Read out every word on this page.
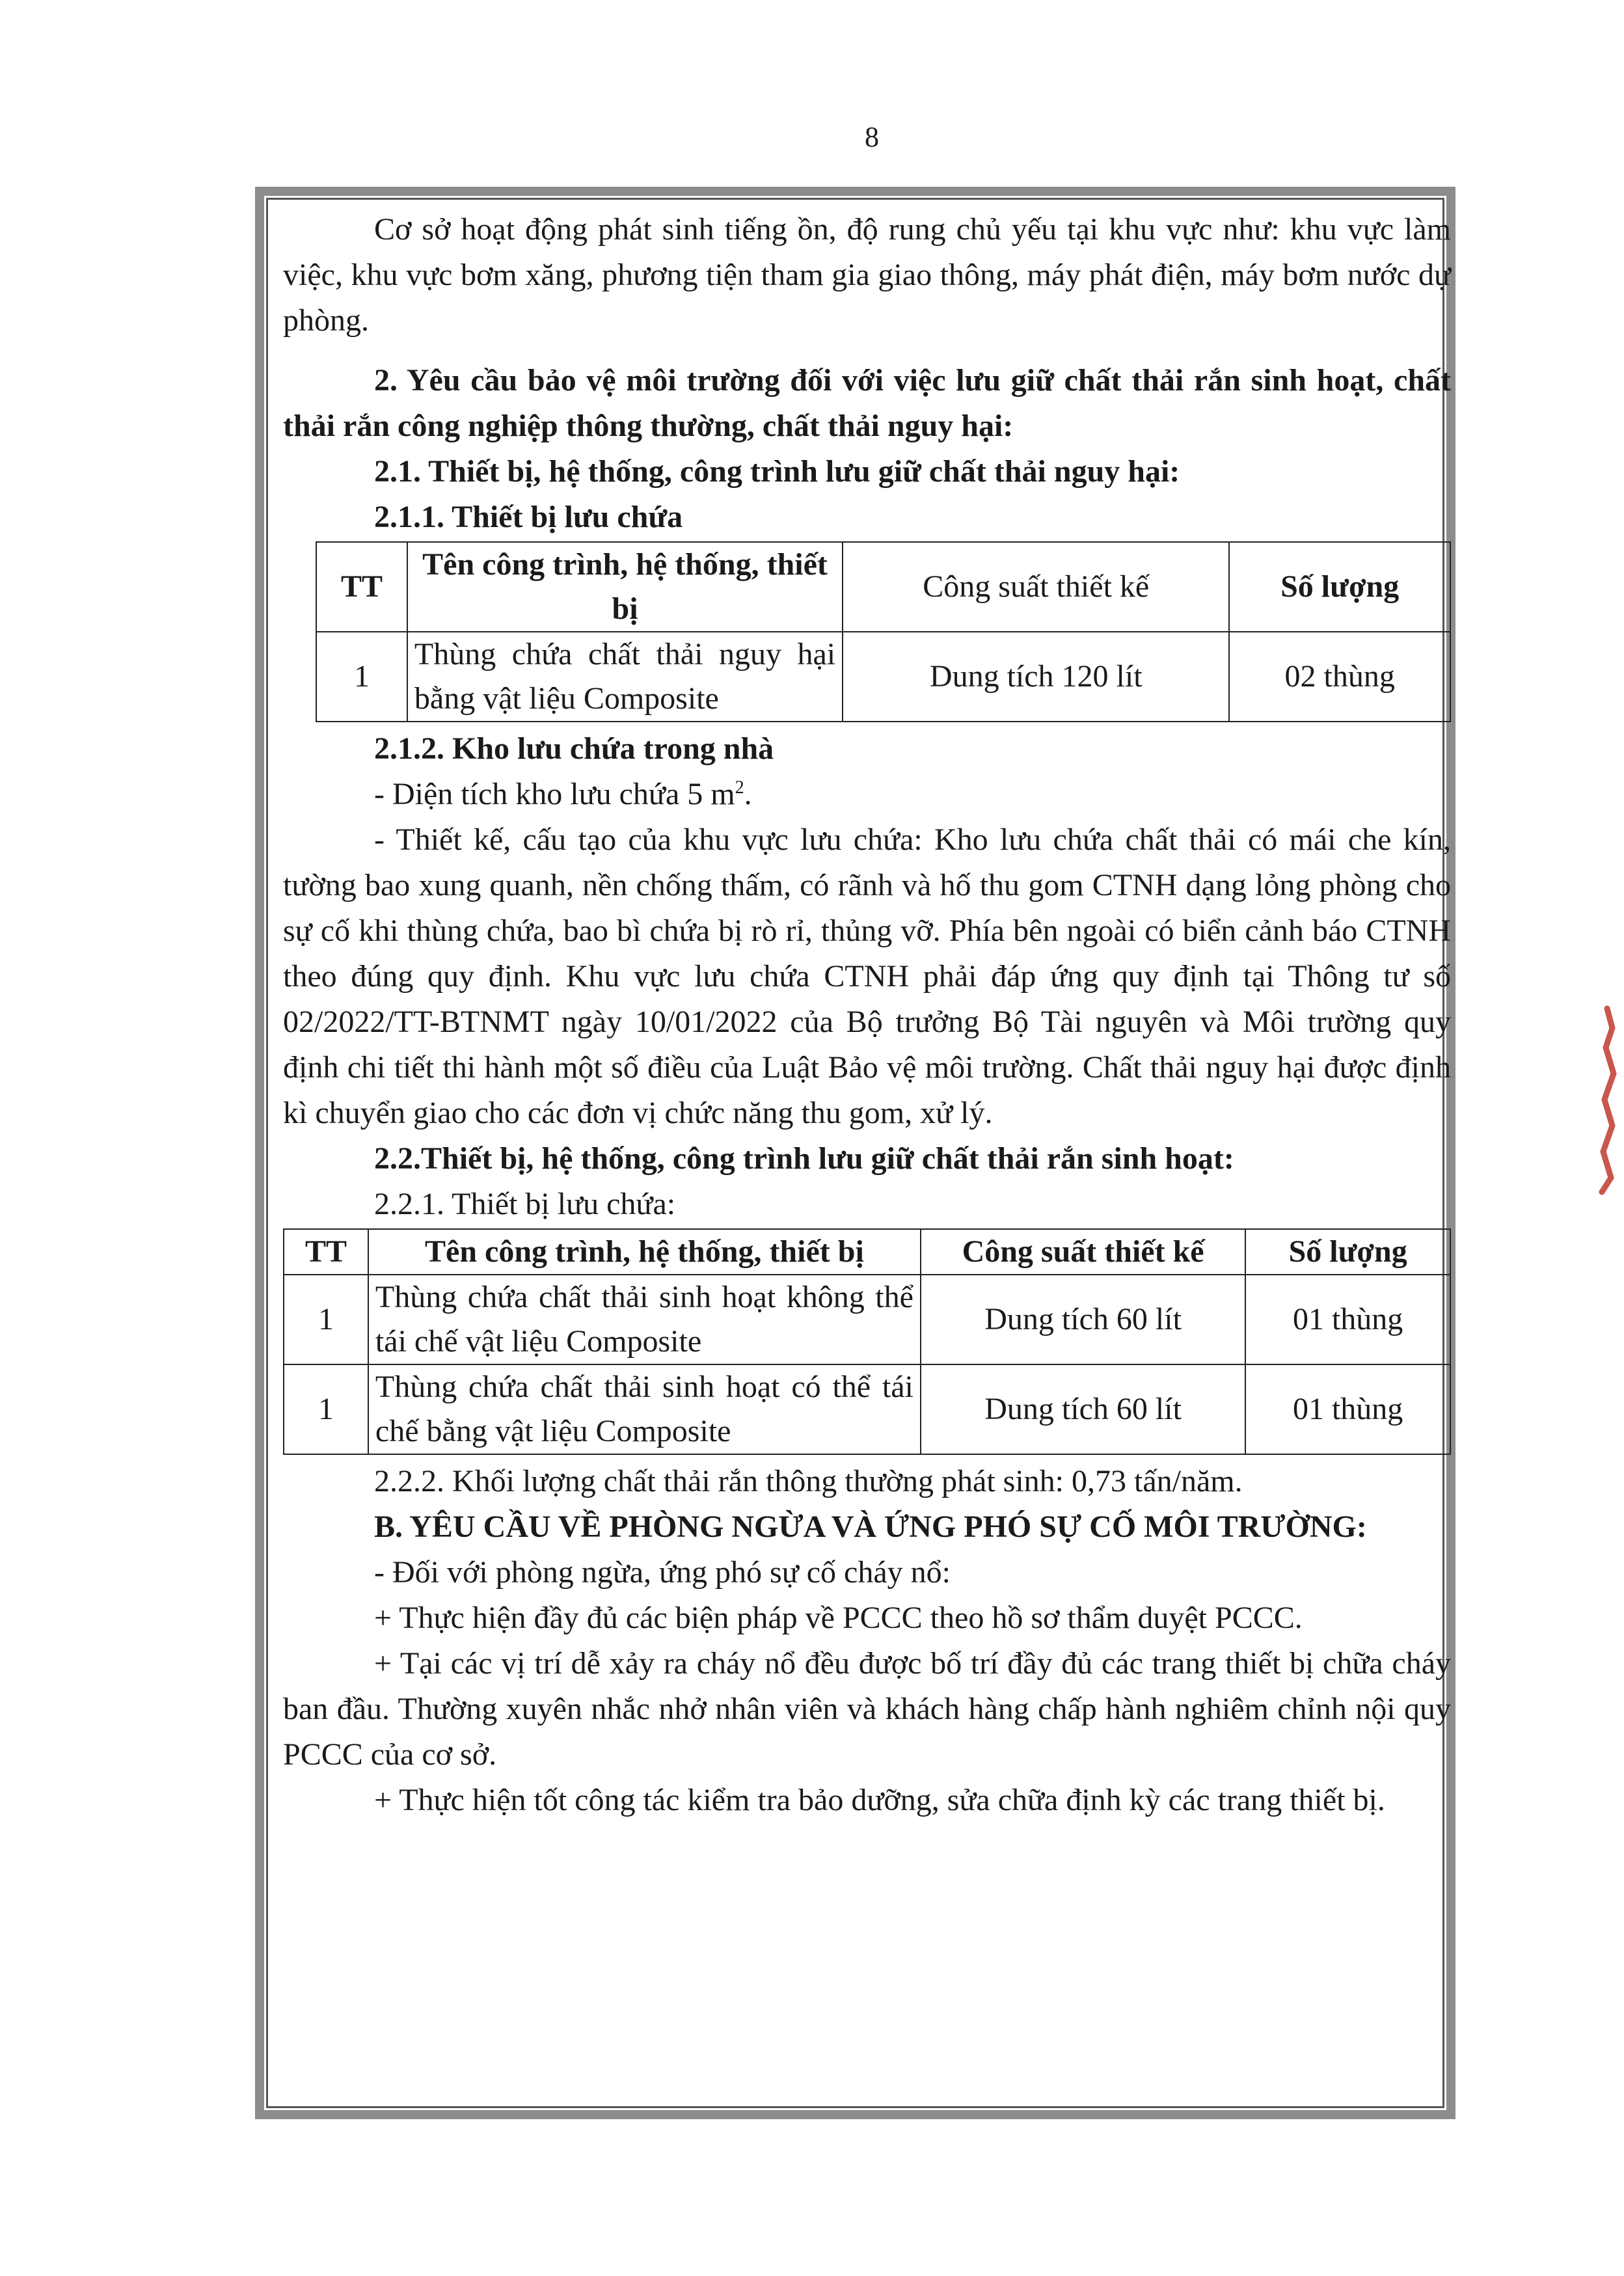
8

Cơ sở hoạt động phát sinh tiếng ồn, độ rung chủ yếu tại khu vực như: khu vực làm việc, khu vực bơm xăng, phương tiện tham gia giao thông, máy phát điện, máy bơm nước dự phòng.

2. Yêu cầu bảo vệ môi trường đối với việc lưu giữ chất thải rắn sinh hoạt, chất thải rắn công nghiệp thông thường, chất thải nguy hại:

2.1. Thiết bị, hệ thống, công trình lưu giữ chất thải nguy hại:

2.1.1. Thiết bị lưu chứa

TT	Tên công trình, hệ thống, thiết bị	Công suất thiết kế	Số lượng
1	Thùng chứa chất thải nguy hại bằng vật liệu Composite	Dung tích 120 lít	02 thùng

2.1.2. Kho lưu chứa trong nhà

- Diện tích kho lưu chứa 5 $m^2$.

- Thiết kế, cấu tạo của khu vực lưu chứa: Kho lưu chứa chất thải có mái che kín, tường bao xung quanh, nền chống thấm, có rãnh và hố thu gom CTNH dạng lỏng phòng cho sự cố khi thùng chứa, bao bì chứa bị rò rỉ, thủng vỡ. Phía bên ngoài có biển cảnh báo CTNH theo đúng quy định. Khu vực lưu chứa CTNH phải đáp ứng quy định tại Thông tư số 02/2022/TT-BTNMT ngày 10/01/2022 của Bộ trưởng Bộ Tài nguyên và Môi trường quy định chi tiết thi hành một số điều của Luật Bảo vệ môi trường. Chất thải nguy hại được định kì chuyển giao cho các đơn vị chức năng thu gom, xử lý.

2.2.Thiết bị, hệ thống, công trình lưu giữ chất thải rắn sinh hoạt:

2.2.1. Thiết bị lưu chứa:

TT	Tên công trình, hệ thống, thiết bị	Công suất thiết kế	Số lượng
1	Thùng chứa chất thải sinh hoạt không thể tái chế vật liệu Composite	Dung tích 60 lít	01 thùng
1	Thùng chứa chất thải sinh hoạt có thể tái chế bằng vật liệu Composite	Dung tích 60 lít	01 thùng

2.2.2. Khối lượng chất thải rắn thông thường phát sinh: 0,73 tấn/năm.

B. YÊU CẦU VỀ PHÒNG NGỪA VÀ ỨNG PHÓ SỰ CỐ MÔI TRƯỜNG:

- Đối với phòng ngừa, ứng phó sự cố cháy nổ:

+ Thực hiện đầy đủ các biện pháp về PCCC theo hồ sơ thẩm duyệt PCCC.

+ Tại các vị trí dễ xảy ra cháy nổ đều được bố trí đầy đủ các trang thiết bị chữa cháy ban đầu. Thường xuyên nhắc nhở nhân viên và khách hàng chấp hành nghiêm chỉnh nội quy PCCC của cơ sở.

+ Thực hiện tốt công tác kiểm tra bảo dưỡng, sửa chữa định kỳ các trang thiết bị.
